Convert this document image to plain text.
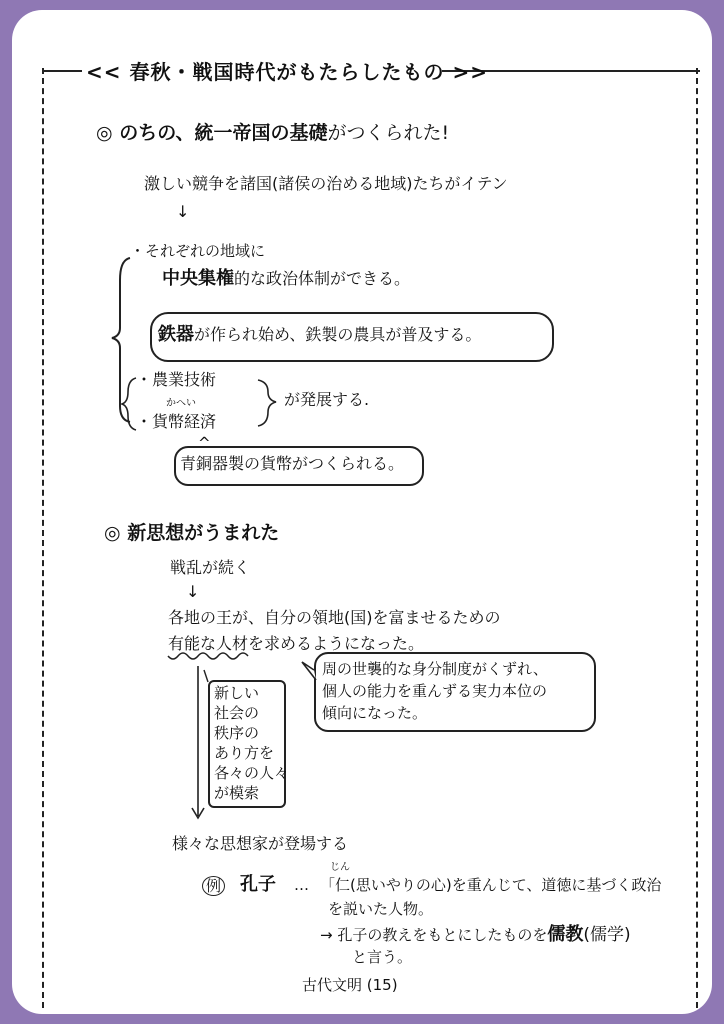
<< 春秋・戦国時代がもたらしたもの >>
◎ のちの、統一帝国の基礎がつくられた!
激しい競争を諸国(諸侯の治める地域)たちがイテン
↓
・それぞれの地域に
中央集権的な政治体制ができる。
鉄器が作られ始め、鉄製の農具が普及する。
・農業技術
かへい
・貨幣経済
が発展する.
^
青銅器製の貨幣がつくられる。
◎ 新思想がうまれた
戦乱が続く
↓
各地の王が、自分の領地(国)を富ませるための
有能な人材を求めるようになった。
新しい
社会の
秩序の
あり方を
各々の人々
が模索
周の世襲的な身分制度がくずれ、
個人の能力を重んずる実力本位の
傾向になった。
様々な思想家が登場する
例 孔子 …
じん
「仁(思いやりの心)を重んじて、道徳に基づく政治
を説いた人物。
→ 孔子の教えをもとにしたものを儒教(儒学)
と言う。
古代文明 (15)
